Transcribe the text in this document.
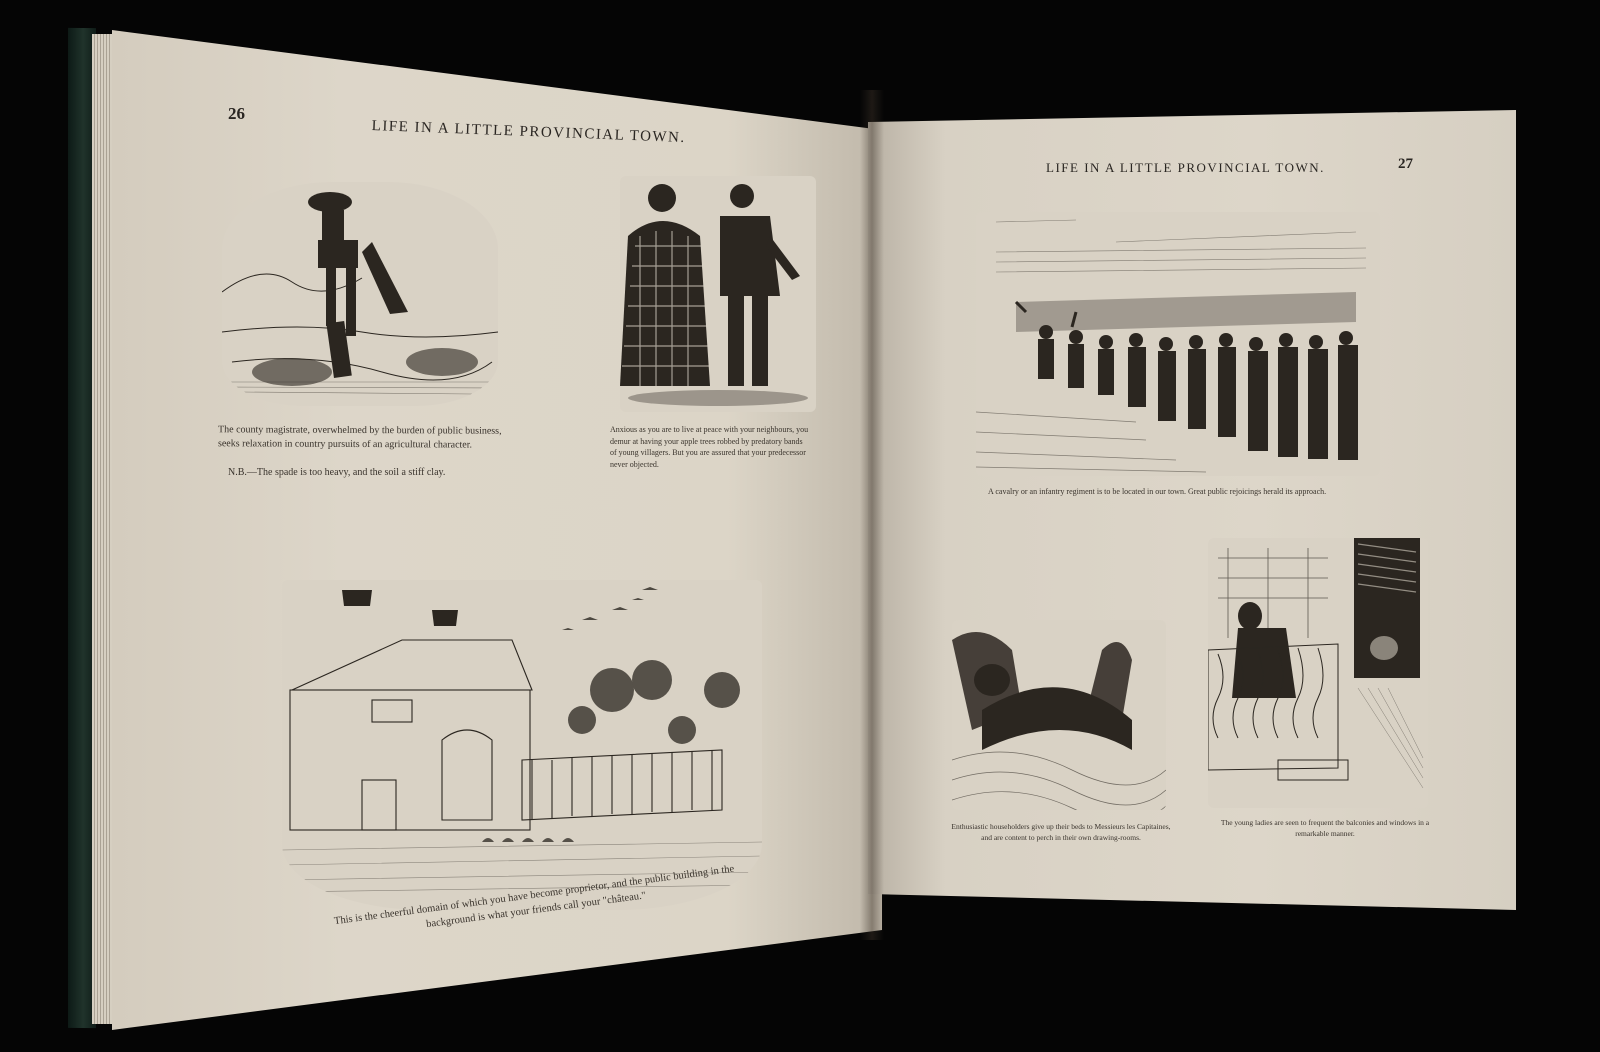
26
LIFE IN A LITTLE PROVINCIAL TOWN.
The county magistrate, overwhelmed by the burden of public business, seeks relaxation in country pursuits of an agricultural character.
N.B.—The spade is too heavy, and the soil a stiff clay.
Anxious as you are to live at peace with your neighbours, you demur at having your apple trees robbed by predatory bands of young villagers. But you are assured that your predecessor never objected.
This is the cheerful domain of which you have become proprietor, and the public building in the background is what your friends call your "château."
LIFE IN A LITTLE PROVINCIAL TOWN.	27
A cavalry or an infantry regiment is to be located in our town. Great public rejoicings herald its approach.
Enthusiastic householders give up their beds to Messieurs les Capitaines, and are content to perch in their own drawing-rooms.
The young ladies are seen to frequent the balconies and windows in a remarkable manner.
